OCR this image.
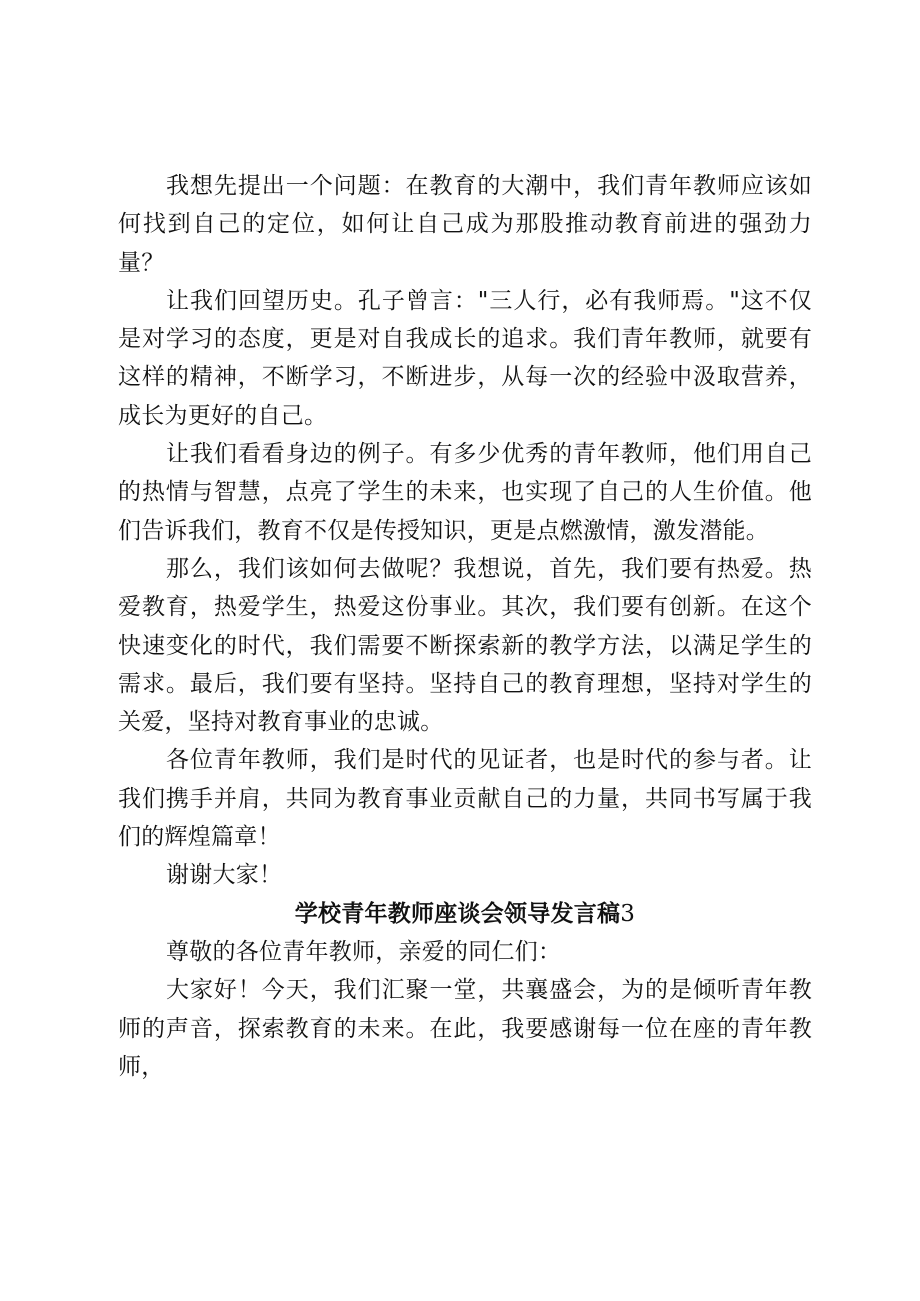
我想先提出一个问题：在教育的大潮中，我们青年教师应该如何找到自己的定位，如何让自己成为那股推动教育前进的强劲力量？

让我们回望历史。孔子曾言："三人行，必有我师焉。"这不仅是对学习的态度，更是对自我成长的追求。我们青年教师，就要有这样的精神，不断学习，不断进步，从每一次的经验中汲取营养，成长为更好的自己。

让我们看看身边的例子。有多少优秀的青年教师，他们用自己的热情与智慧，点亮了学生的未来，也实现了自己的人生价值。他们告诉我们，教育不仅是传授知识，更是点燃激情，激发潜能。

那么，我们该如何去做呢？我想说，首先，我们要有热爱。热爱教育，热爱学生，热爱这份事业。其次，我们要有创新。在这个快速变化的时代，我们需要不断探索新的教学方法，以满足学生的需求。最后，我们要有坚持。坚持自己的教育理想，坚持对学生的关爱，坚持对教育事业的忠诚。

各位青年教师，我们是时代的见证者，也是时代的参与者。让我们携手并肩，共同为教育事业贡献自己的力量，共同书写属于我们的辉煌篇章！

谢谢大家！

学校青年教师座谈会领导发言稿3

尊敬的各位青年教师，亲爱的同仁们：

大家好！今天，我们汇聚一堂，共襄盛会，为的是倾听青年教师的声音，探索教育的未来。在此，我要感谢每一位在座的青年教师，
